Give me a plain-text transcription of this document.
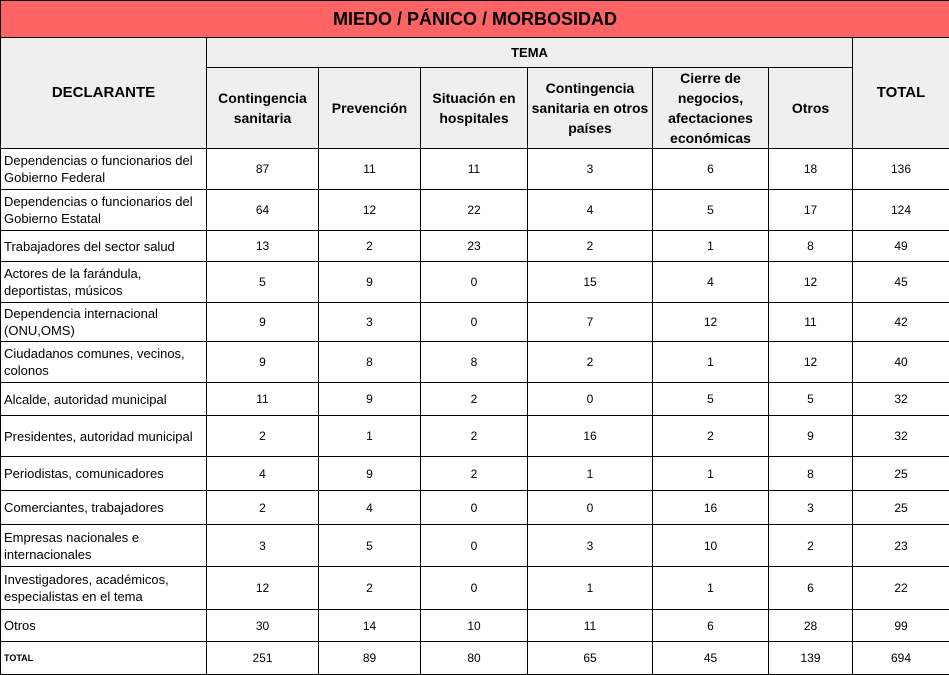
MIEDO / PÁNICO / MORBOSIDAD							
DECLARANTE	TEMA						TOTAL
	Contingencia sanitaria	Prevención	Situación en hospitales	Contingencia sanitaria en otros países	Cierre de negocios, afectaciones económicas	Otros	
Dependencias o funcionarios del Gobierno Federal	87	11	11	3	6	18	136
Dependencias o funcionarios del Gobierno Estatal	64	12	22	4	5	17	124
Trabajadores del sector salud	13	2	23	2	1	8	49
Actores de la farándula, deportistas, músicos	5	9	0	15	4	12	45
Dependencia internacional (ONU,OMS)	9	3	0	7	12	11	42
Ciudadanos comunes, vecinos, colonos	9	8	8	2	1	12	40
Alcalde, autoridad municipal	11	9	2	0	5	5	32
Presidentes, autoridad municipal	2	1	2	16	2	9	32
Periodistas, comunicadores	4	9	2	1	1	8	25
Comerciantes, trabajadores	2	4	0	0	16	3	25
Empresas nacionales e internacionales	3	5	0	3	10	2	23
Investigadores, académicos, especialistas en el tema	12	2	0	1	1	6	22
Otros	30	14	10	11	6	28	99
TOTAL	251	89	80	65	45	139	694
